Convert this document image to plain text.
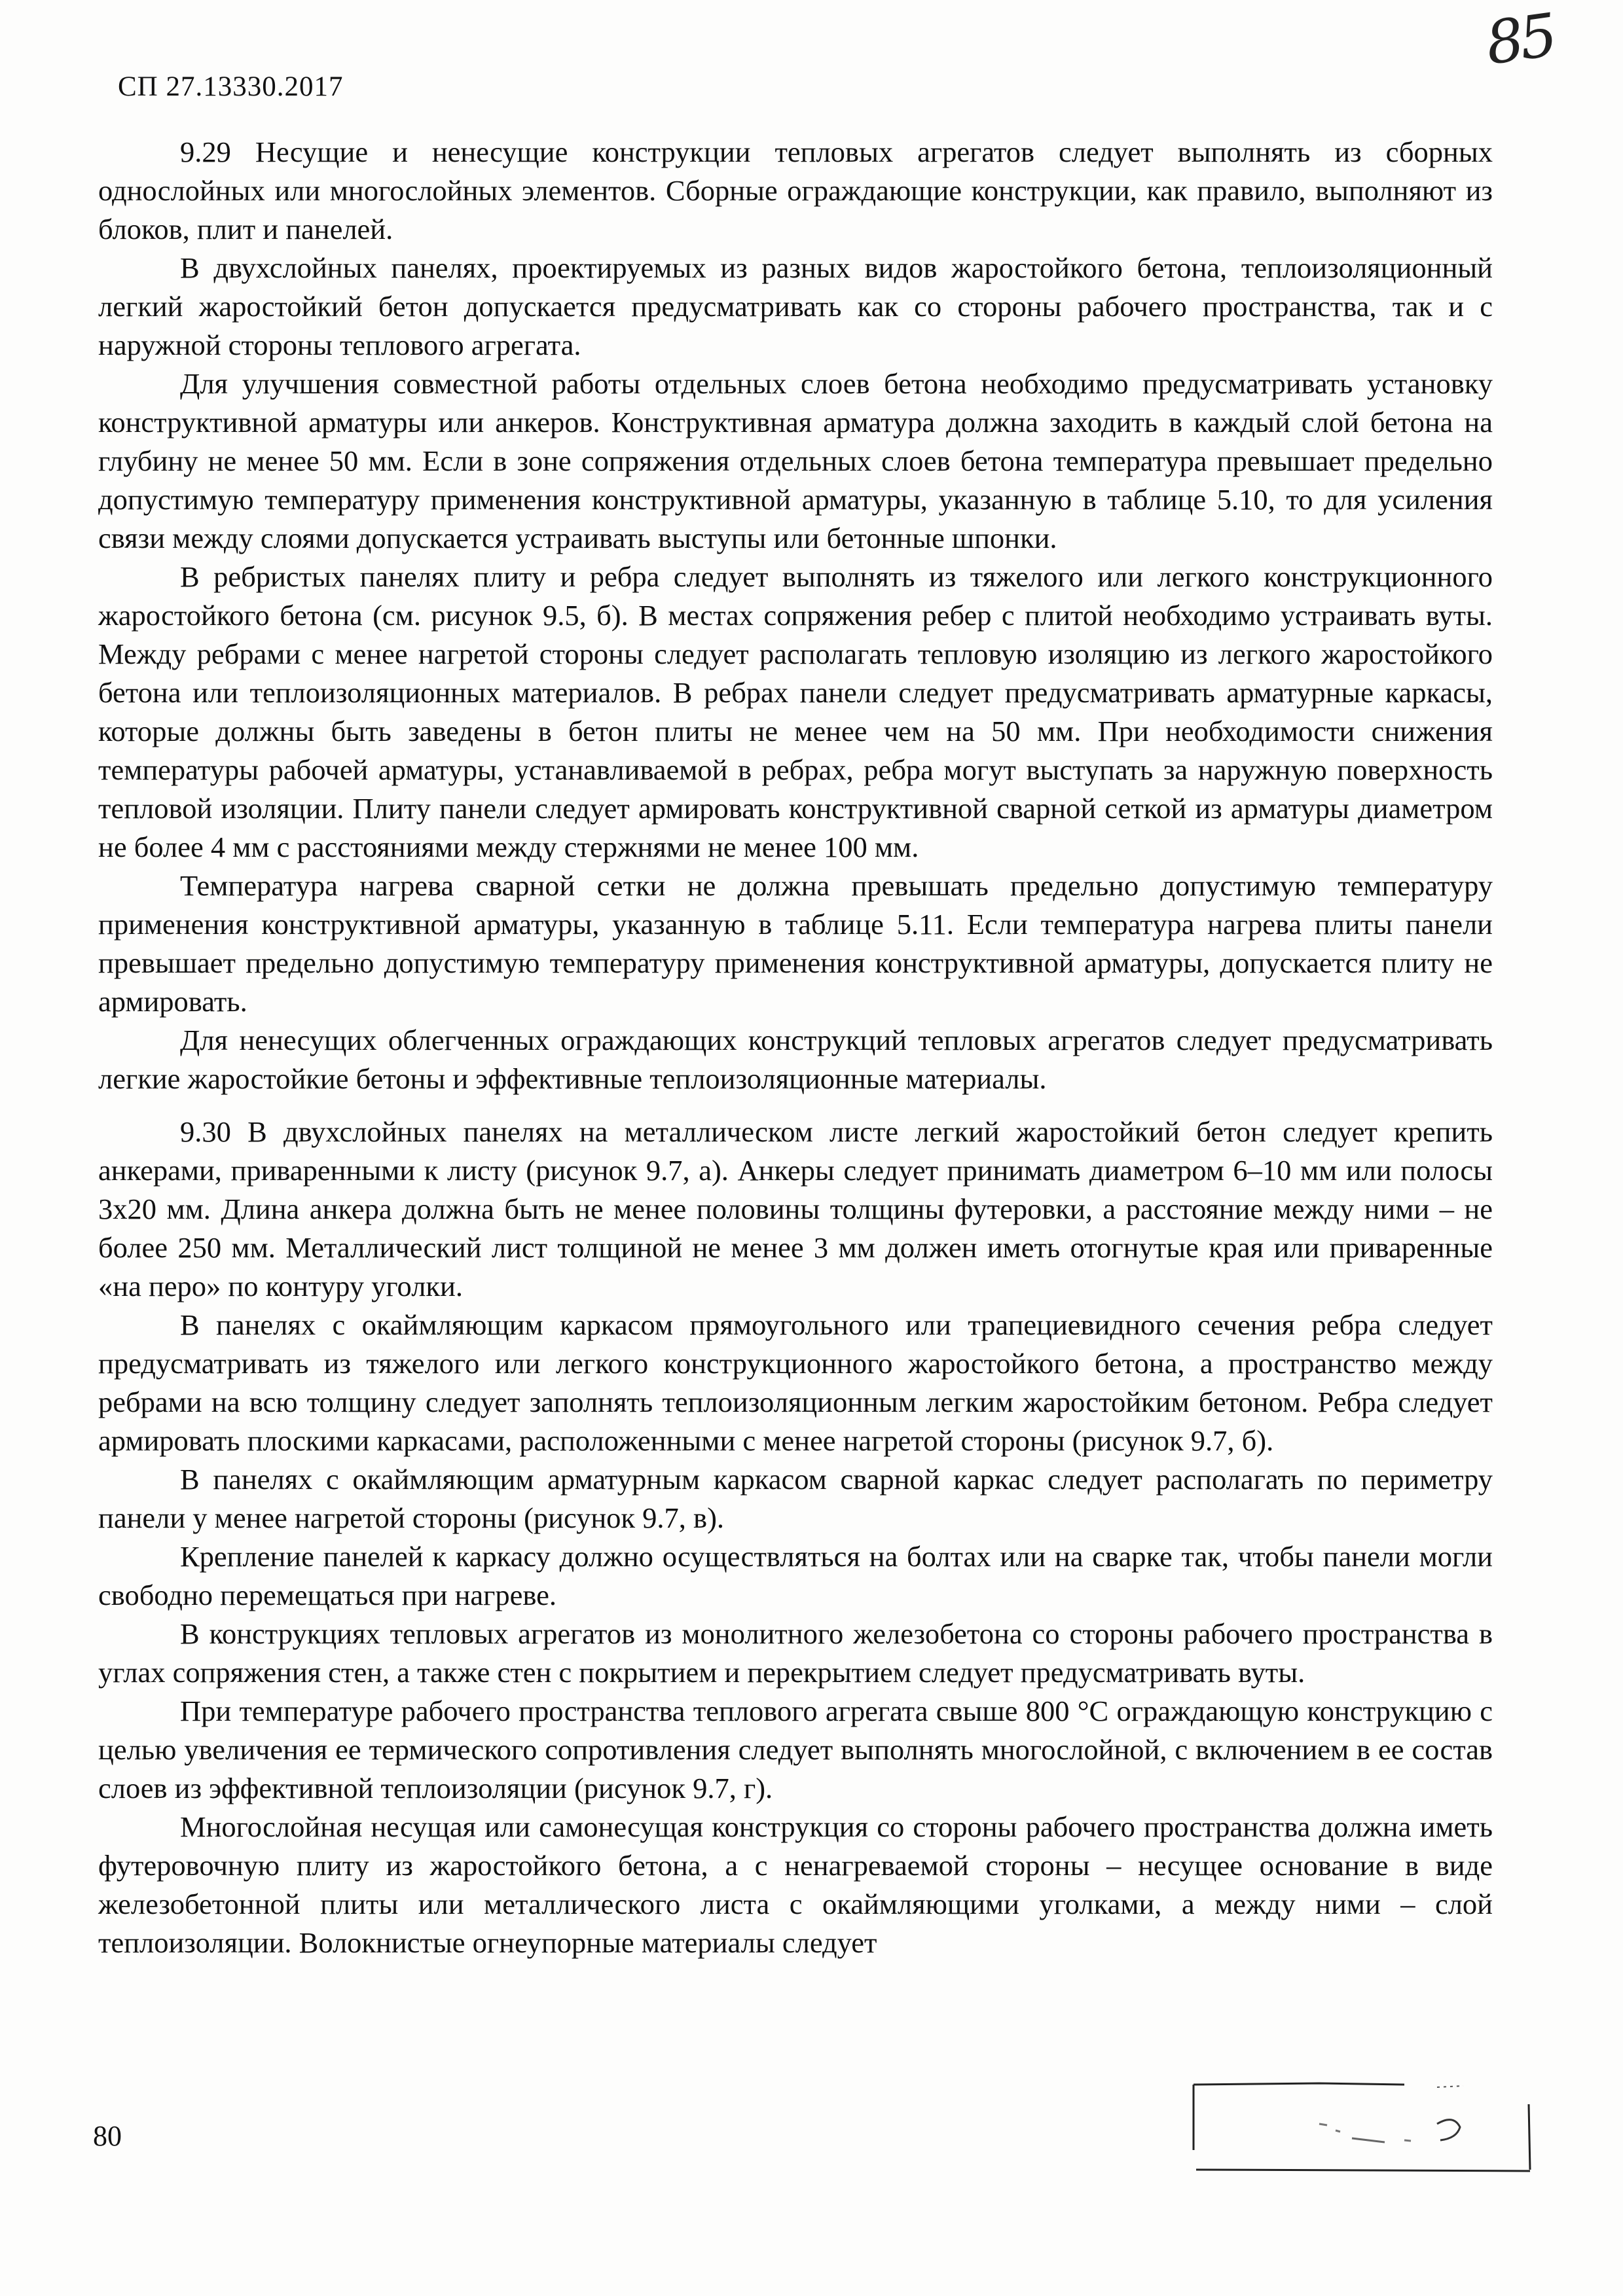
СП 27.13330.2017
85

9.29 Несущие и ненесущие конструкции тепловых агрегатов следует выполнять из сборных однослойных или многослойных элементов. Сборные ограждающие конструкции, как правило, выполняют из блоков, плит и панелей.

В двухслойных панелях, проектируемых из разных видов жаростойкого бетона, теплоизоляционный легкий жаростойкий бетон допускается предусматривать как со стороны рабочего пространства, так и с наружной стороны теплового агрегата.

Для улучшения совместной работы отдельных слоев бетона необходимо предусматривать установку конструктивной арматуры или анкеров. Конструктивная арматура должна заходить в каждый слой бетона на глубину не менее 50 мм. Если в зоне сопряжения отдельных слоев бетона температура превышает предельно допустимую температуру применения конструктивной арматуры, указанную в таблице 5.10, то для усиления связи между слоями допускается устраивать выступы или бетонные шпонки.

В ребристых панелях плиту и ребра следует выполнять из тяжелого или легкого конструкционного жаростойкого бетона (см. рисунок 9.5, б). В местах сопряжения ребер с плитой необходимо устраивать вуты. Между ребрами с менее нагретой стороны следует располагать тепловую изоляцию из легкого жаростойкого бетона или теплоизоляционных материалов. В ребрах панели следует предусматривать арматурные каркасы, которые должны быть заведены в бетон плиты не менее чем на 50 мм. При необходимости снижения температуры рабочей арматуры, устанавливаемой в ребрах, ребра могут выступать за наружную поверхность тепловой изоляции. Плиту панели следует армировать конструктивной сварной сеткой из арматуры диаметром не более 4 мм с расстояниями между стержнями не менее 100 мм.

Температура нагрева сварной сетки не должна превышать предельно допустимую температуру применения конструктивной арматуры, указанную в таблице 5.11. Если температура нагрева плиты панели превышает предельно допустимую температуру применения конструктивной арматуры, допускается плиту не армировать.

Для ненесущих облегченных ограждающих конструкций тепловых агрегатов следует предусматривать легкие жаростойкие бетоны и эффективные теплоизоляционные материалы.

9.30 В двухслойных панелях на металлическом листе легкий жаростойкий бетон следует крепить анкерами, приваренными к листу (рисунок 9.7, а). Анкеры следует принимать диаметром 6–10 мм или полосы 3х20 мм. Длина анкера должна быть не менее половины толщины футеровки, а расстояние между ними – не более 250 мм. Металлический лист толщиной не менее 3 мм должен иметь отогнутые края или приваренные «на перо» по контуру уголки.

В панелях с окаймляющим каркасом прямоугольного или трапециевидного сечения ребра следует предусматривать из тяжелого или легкого конструкционного жаростойкого бетона, а пространство между ребрами на всю толщину следует заполнять теплоизоляционным легким жаростойким бетоном. Ребра следует армировать плоскими каркасами, расположенными с менее нагретой стороны (рисунок 9.7, б).

В панелях с окаймляющим арматурным каркасом сварной каркас следует располагать по периметру панели у менее нагретой стороны (рисунок 9.7, в).

Крепление панелей к каркасу должно осуществляться на болтах или на сварке так, чтобы панели могли свободно перемещаться при нагреве.

В конструкциях тепловых агрегатов из монолитного железобетона со стороны рабочего пространства в углах сопряжения стен, а также стен с покрытием и перекрытием следует предусматривать вуты.

При температуре рабочего пространства теплового агрегата свыше 800 °С ограждающую конструкцию с целью увеличения ее термического сопротивления следует выполнять многослойной, с включением в ее состав слоев из эффективной теплоизоляции (рисунок 9.7, г).

Многослойная несущая или самонесущая конструкция со стороны рабочего пространства должна иметь футеровочную плиту из жаростойкого бетона, а с ненагреваемой стороны – несущее основание в виде железобетонной плиты или металлического листа с окаймляющими уголками, а между ними – слой теплоизоляции. Волокнистые огнеупорные материалы следует

80
